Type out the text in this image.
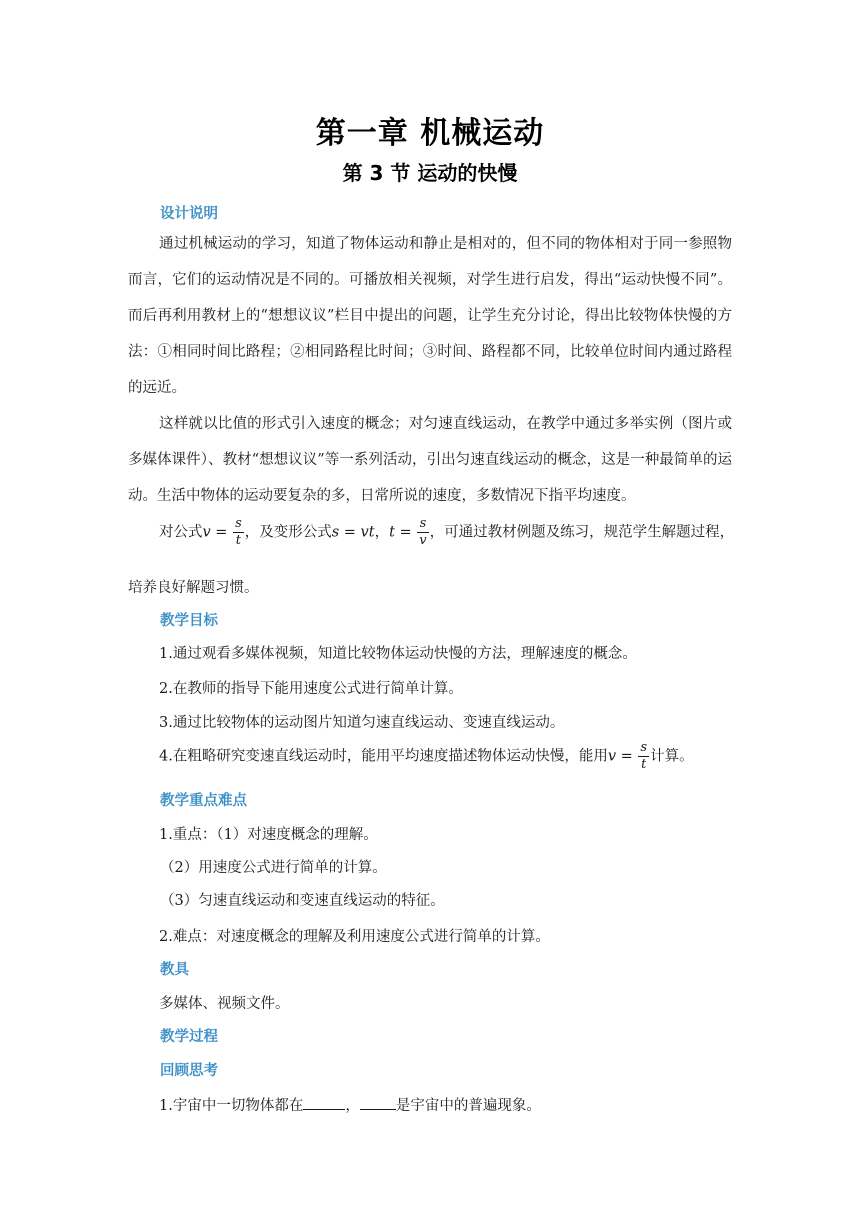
第一章 机械运动
第 3 节 运动的快慢
设计说明
通过机械运动的学习，知道了物体运动和静止是相对的，但不同的物体相对于同一参照物而言，它们的运动情况是不同的。可播放相关视频，对学生进行启发，得出“运动快慢不同”。而后再利用教材上的“想想议议”栏目中提出的问题，让学生充分讨论，得出比较物体快慢的方法：①相同时间比路程；②相同路程比时间；③时间、路程都不同，比较单位时间内通过路程的远近。
这样就以比值的形式引入速度的概念；对匀速直线运动，在教学中通过多举实例（图片或多媒体课件）、教材“想想议议”等一系列活动，引出匀速直线运动的概念，这是一种最简单的运动。生活中物体的运动要复杂的多，日常所说的速度，多数情况下指平均速度。
对公式$v = \frac{s}{t}$ ，及变形公式s = vt，$t = \frac{s}{v}$ ，可通过教材例题及练习，规范学生解题过程，
培养良好解题习惯。
教学目标
1.通过观看多媒体视频，知道比较物体运动快慢的方法，理解速度的概念。
2.在教师的指导下能用速度公式进行简单计算。
3.通过比较物体的运动图片知道匀速直线运动、变速直线运动。
4.在粗略研究变速直线运动时，能用平均速度描述物体运动快慢，能用$v = \frac{s}{t}$ 计算。
教学重点难点
1.重点：（1）对速度概念的理解。
（2）用速度公式进行简单的计算。
（3）匀速直线运动和变速直线运动的特征。
2.难点：对速度概念的理解及利用速度公式进行简单的计算。
教具
多媒体、视频文件。
教学过程
回顾思考
1.宇宙中一切物体都在	， 是宇宙中的普遍现象。
